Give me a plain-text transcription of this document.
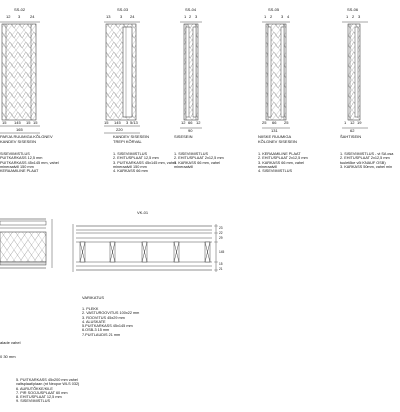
SS-02
12 3 24
15 145 15 15
165
PARJA RUUMIGA KÕLGNEV
KANDEV SISESEIN
SISEVIIMISTLUS
PUITKARKASS 12,5 mm
PUITKARKASS 45x145 mm, vahel
mineraalvill 150 mm
KERAAMILINE PLAAT
SS-03
13 3 24
15 145 3 5/13
220
KANDEV SISESEIN
TREPI KÕRVAL
1. SISEVIIMISTLUS
2. EHITUSPLAAT 12,5 mm
3. PUITKARKASS 45x145 mm, vahel
mineraalvill 150 mm
4. KARKASS 66 mm
SS-04
1 2 3
12 66 12
90
SISESEIN
1. SISEVIIMISTLUS
2. EHITUSPLAAT 2x12,5 mm
3. KARKASS 66 mm, vahel
mineraalvill
SS-05
1 2 3 4
25 66 25
131
NIISKE RUUMIGA
KÕLGNEV SISESEIN
1. KERAAMILINE PLAAT
2. EHITUSPLAAT 2x12,5 mm
3. KARKASS 66 mm, vahel
mineraalvill
4. SISEVIIMISTLUS
SS-06
1 2 3
1 12 19
62
ŠAHTISEIN
1. SISEVIIMISTLUS - vt SA osa
2. EHITUSPLAAT 2x12,5 mm
tuuletõke või KNAUF OSB)
3. KARKASS 50mm, vahel min
VK-01
23
22
29
145
15
21
VARIKATUS
1. PLEKK
2. VASTUROOVITUS 100x22 mm
3. ROOVITUS 45x29 mm
4. ALUSKATE
5.PUITKARKASS 45x145 mm
6.OSB-3 15 mm
7.PUITLAUDIS 21 mm
alade vahel
0 30 mm
5. PUITKARKASS 45x200 mm vahel
valtsplaat/plaan (nt Neopor WLS 032)
6. AURUTÕKKE/KILE
7. PIR SOOJUSPLAAT 60 mm
8. EHITUSPLAAT 12,5 mm
9. SISEVIIMISTLUS
